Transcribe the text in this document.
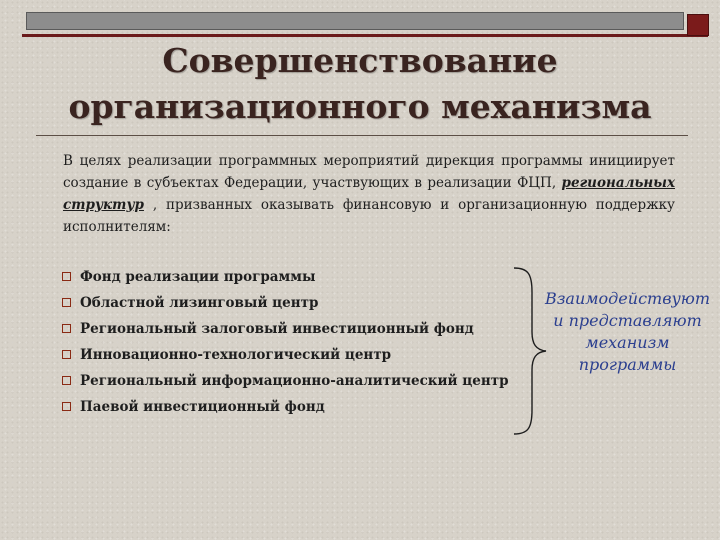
Совершенствование
организационного механизма
В целях реализации программных мероприятий дирекция программы инициирует создание в субъектах Федерации, участвующих в реализации ФЦП, региональных структур , призванных оказывать финансовую и организационную поддержку исполнителям:
Фонд реализации программы
Областной лизинговый центр
Региональный залоговый инвестиционный фонд
Инновационно-технологический центр
Региональный информационно-аналитический центр
Паевой инвестиционный фонд
Взаимодействуют
и представляют
механизм
программы
